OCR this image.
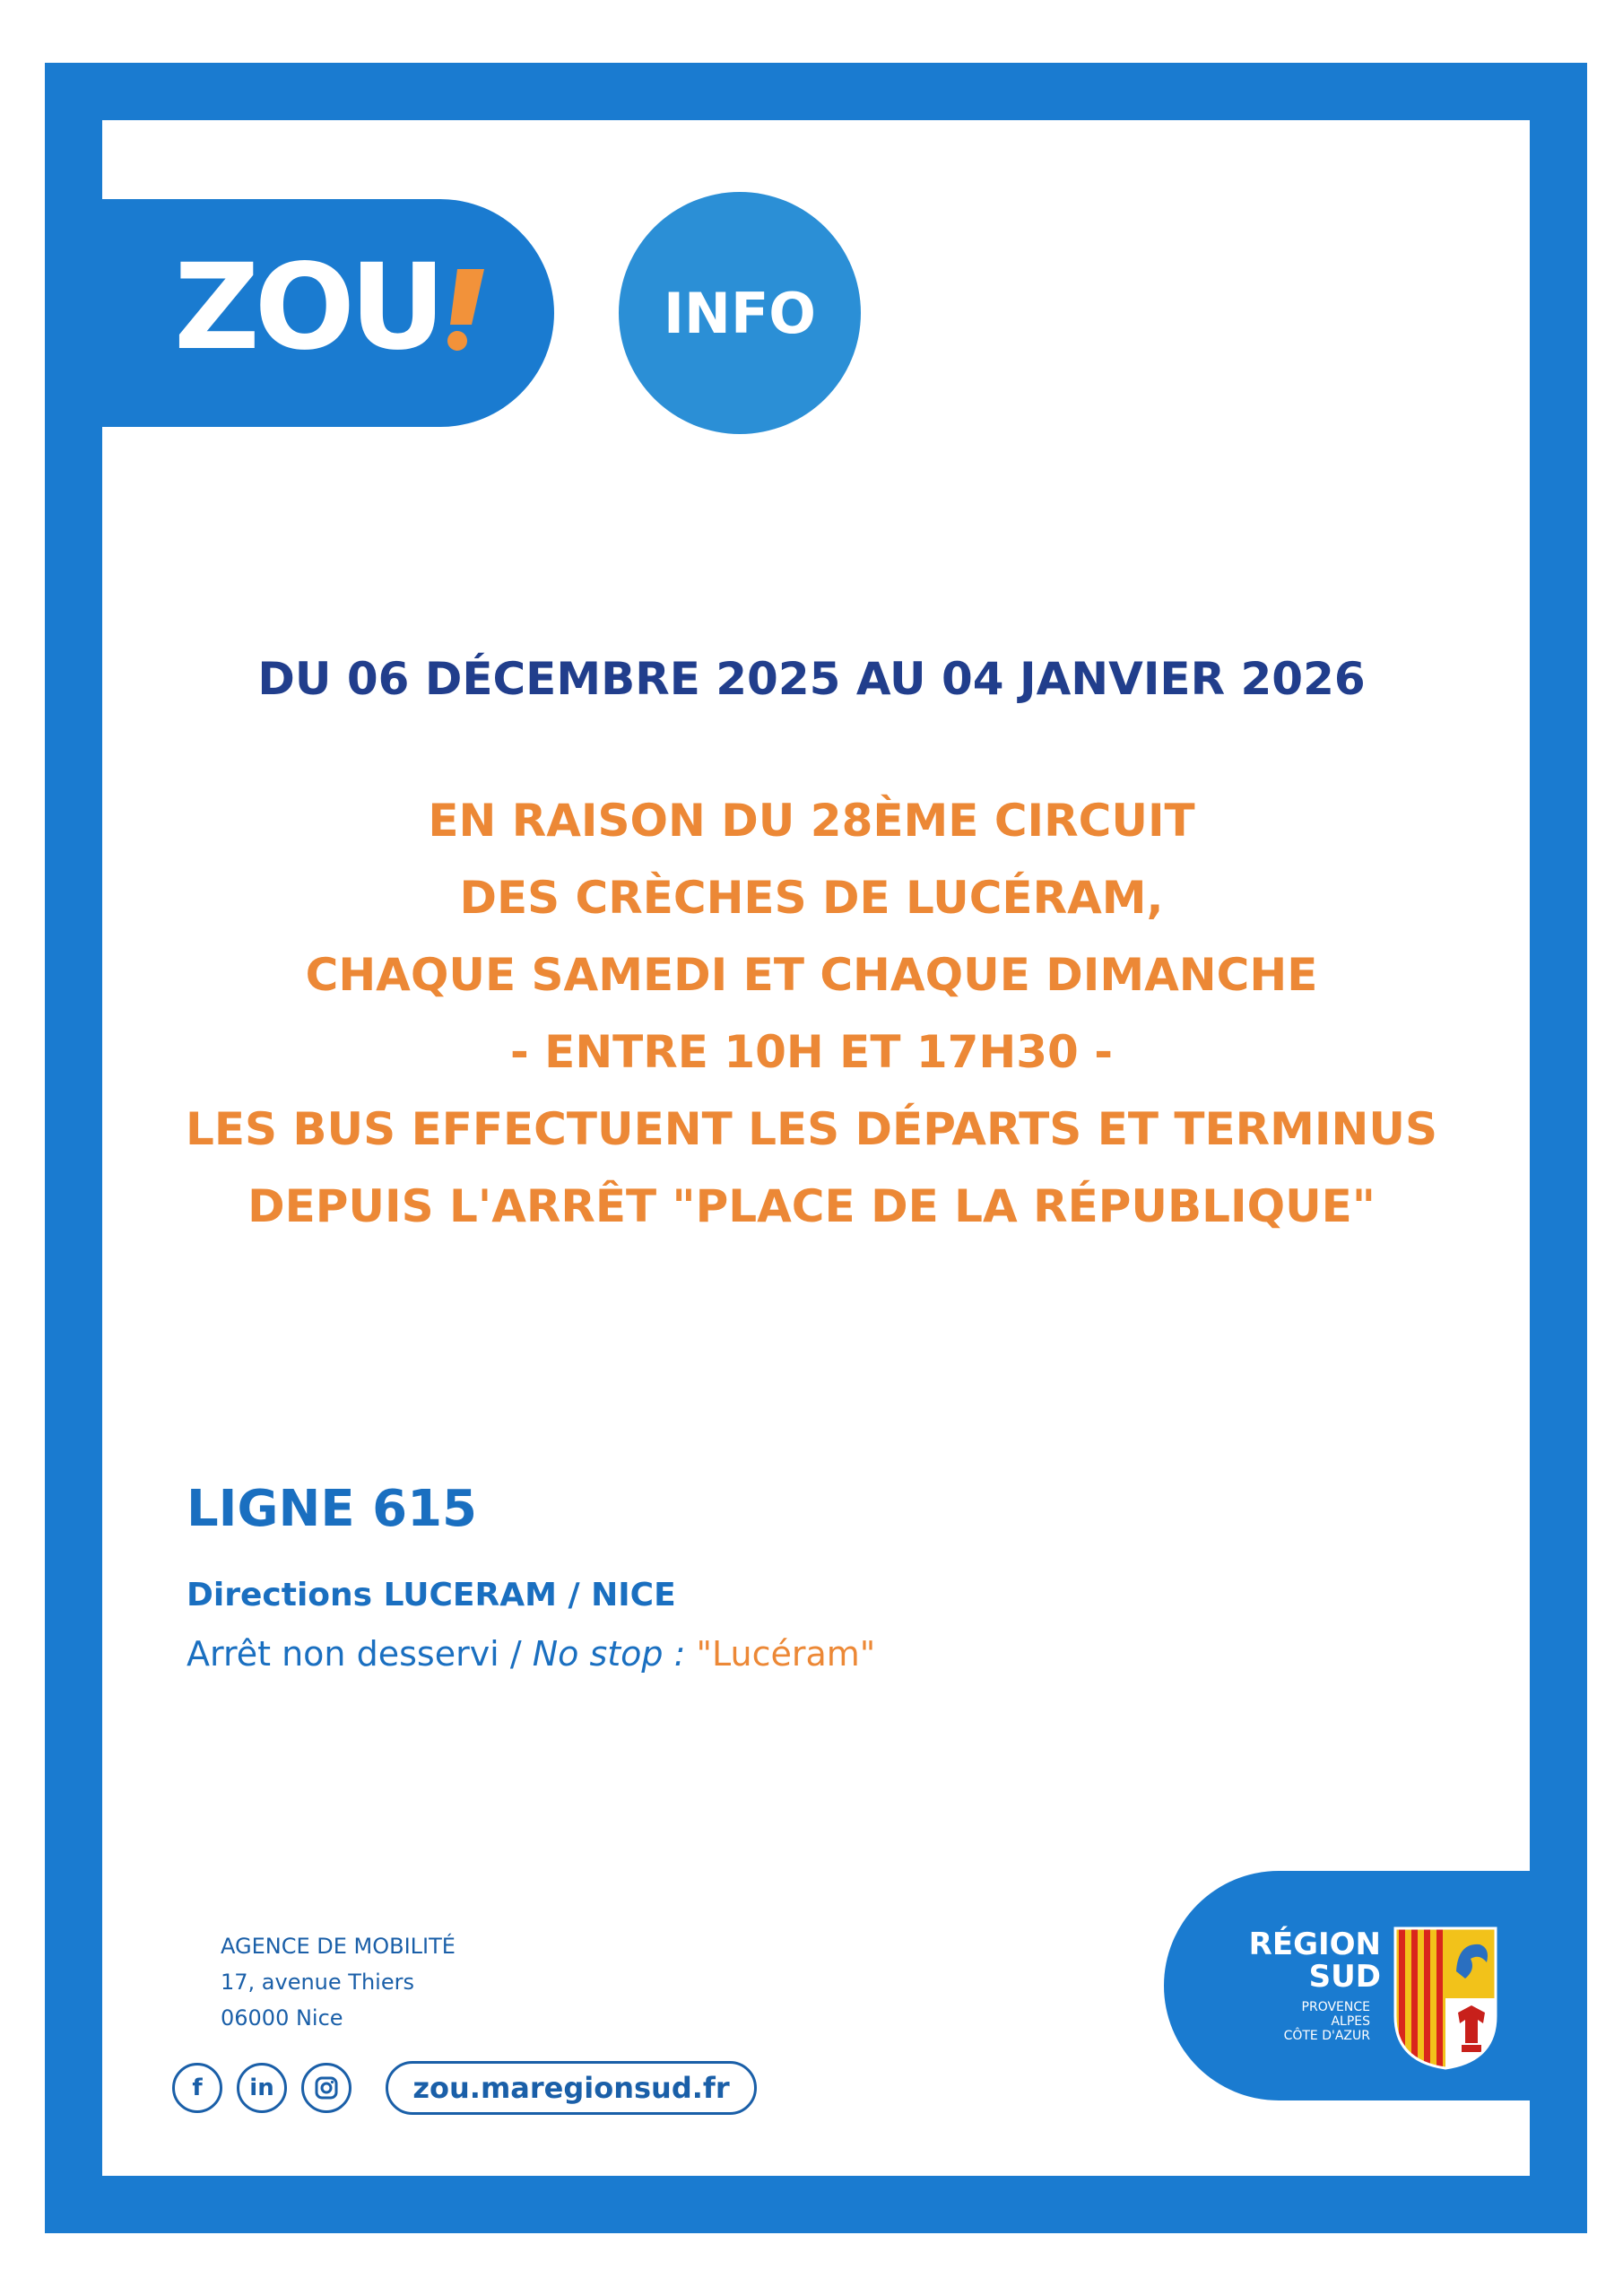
ZOU	INFO
DU 06 DÉCEMBRE 2025 AU 04 JANVIER 2026
EN RAISON DU 28ÈME CIRCUIT
DES CRÈCHES DE LUCÉRAM,
CHAQUE SAMEDI ET CHAQUE DIMANCHE
- ENTRE 10H ET 17H30 -
LES BUS EFFECTUENT LES DÉPARTS ET TERMINUS
DEPUIS L'ARRÊT "PLACE DE LA RÉPUBLIQUE"
LIGNE 615
Directions LUCERAM / NICE
Arrêt non desservi / No stop : "Lucéram"
AGENCE DE MOBILITÉ
17, avenue Thiers
06000 Nice
f	in	zou.maregionsud.fr
RÉGION
SUD
PROVENCE
ALPES
CÔTE D'AZUR
